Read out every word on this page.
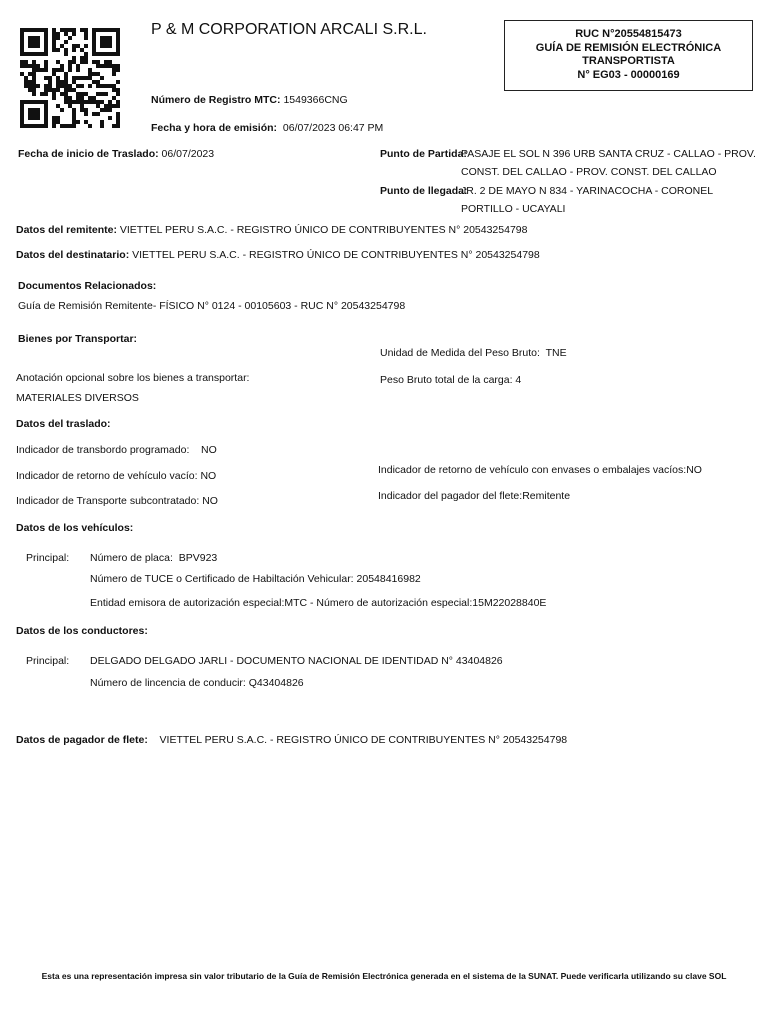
P & M CORPORATION ARCALI S.R.L.	RUC N°20554815473
GUÍA DE REMISIÓN ELECTRÓNICA
TRANSPORTISTA
N° EG03 - 00000169
Número de Registro MTC: 1549366CNG
Fecha y hora de emisión: 06/07/2023 06:47 PM
Fecha de inicio de Traslado: 06/07/2023	Punto de Partida:
PASAJE EL SOL N 396 URB SANTA CRUZ - CALLAO - PROV. CONST. DEL CALLAO - PROV. CONST. DEL CALLAO
Punto de llegada:
JR. 2 DE MAYO N 834 - YARINACOCHA - CORONEL PORTILLO - UCAYALI
Datos del remitente: VIETTEL PERU S.A.C. - REGISTRO ÚNICO DE CONTRIBUYENTES N° 20543254798
Datos del destinatario: VIETTEL PERU S.A.C. - REGISTRO ÚNICO DE CONTRIBUYENTES N° 20543254798
Documentos Relacionados:
Guía de Remisión Remitente- FÍSICO N° 0124 - 00105603 - RUC N° 20543254798
Bienes por Transportar:
Unidad de Medida del Peso Bruto: TNE
Anotación opcional sobre los bienes a transportar:	Peso Bruto total de la carga: 4
MATERIALES DIVERSOS
Datos del traslado:
Indicador de transbordo programado: NO
Indicador de retorno de vehículo vacío: NO	Indicador de retorno de vehículo con envases o embalajes vacíos:NO
Indicador de Transporte subcontratado: NO	Indicador del pagador del flete:Remitente
Datos de los vehículos:
Principal: Número de placa: BPV923
Número de TUCE o Certificado de Habiltación Vehicular: 20548416982
Entidad emisora de autorización especial:MTC - Número de autorización especial:15M22028840E
Datos de los conductores:
Principal: DELGADO DELGADO JARLI - DOCUMENTO NACIONAL DE IDENTIDAD N° 43404826
Número de lincencia de conducir: Q43404826
Datos de pagador de flete: VIETTEL PERU S.A.C. - REGISTRO ÚNICO DE CONTRIBUYENTES N° 20543254798
Esta es una representación impresa sin valor tributario de la Guía de Remisión Electrónica generada en el sistema de la SUNAT. Puede verificarla utilizando su clave SOL
